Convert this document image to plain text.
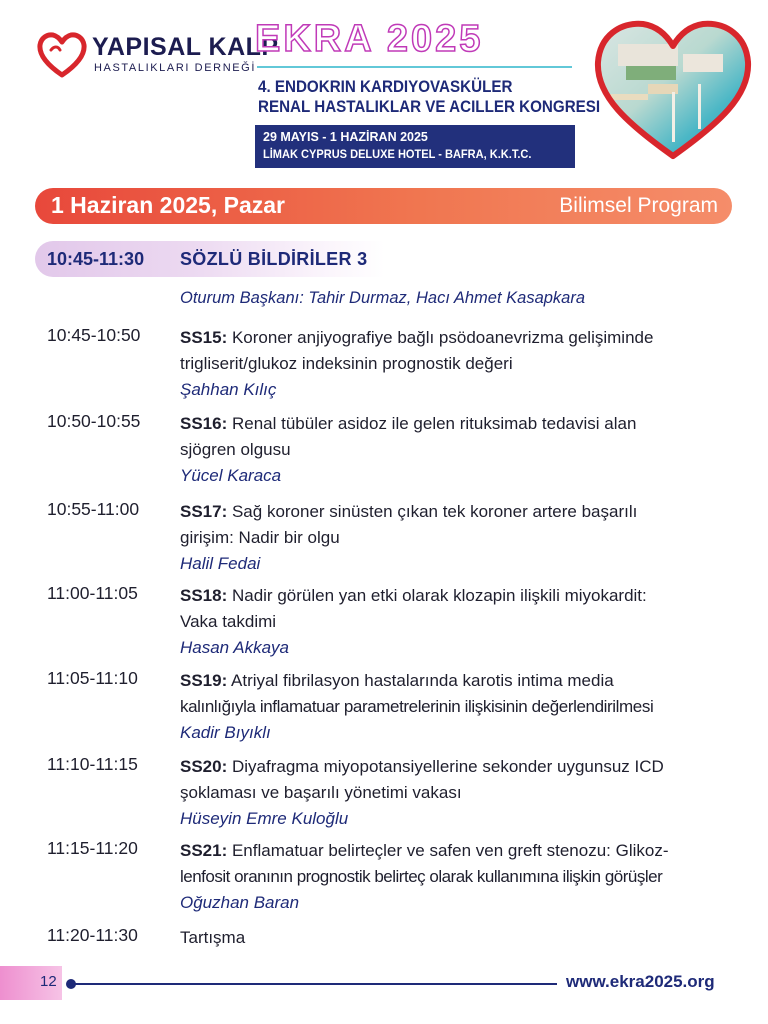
YAPISAL KALP
HASTALIKLARI DERNEĞİ
EKRA 2025
4. ENDOKRIN KARDIYOVASKÜLER
RENAL HASTALIKLAR VE ACILLER KONGRESI
29 MAYIS - 1 HAZİRAN 2025
LİMAK CYPRUS DELUXE HOTEL - BAFRA, K.K.T.C.
1 Haziran 2025, Pazar	Bilimsel Program
10:45-11:30 SÖZLÜ BİLDİRİLER 3
Oturum Başkanı: Tahir Durmaz, Hacı Ahmet Kasapkara
10:45-10:50 SS15: Koroner anjiyografiye bağlı psödoanevrizma gelişiminde
trigliserit/glukoz indeksinin prognostik değeri
Şahhan Kılıç
10:50-10:55 SS16: Renal tübüler asidoz ile gelen rituksimab tedavisi alan
sjögren olgusu
Yücel Karaca
10:55-11:00 SS17: Sağ koroner sinüsten çıkan tek koroner artere başarılı
girişim: Nadir bir olgu
Halil Fedai
11:00-11:05 SS18: Nadir görülen yan etki olarak klozapin ilişkili miyokardit:
Vaka takdimi
Hasan Akkaya
11:05-11:10 SS19: Atriyal fibrilasyon hastalarında karotis intima media
kalınlığıyla inflamatuar parametrelerinin ilişkisinin değerlendirilmesi
Kadir Bıyıklı
11:10-11:15 SS20: Diyafragma miyopotansiyellerine sekonder uygunsuz ICD
şoklaması ve başarılı yönetimi vakası
Hüseyin Emre Kuloğlu
11:15-11:20 SS21: Enflamatuar belirteçler ve safen ven greft stenozu: Glikoz-
lenfosit oranının prognostik belirteç olarak kullanımına ilişkin görüşler
Oğuzhan Baran
11:20-11:30 Tartışma
12	www.ekra2025.org
